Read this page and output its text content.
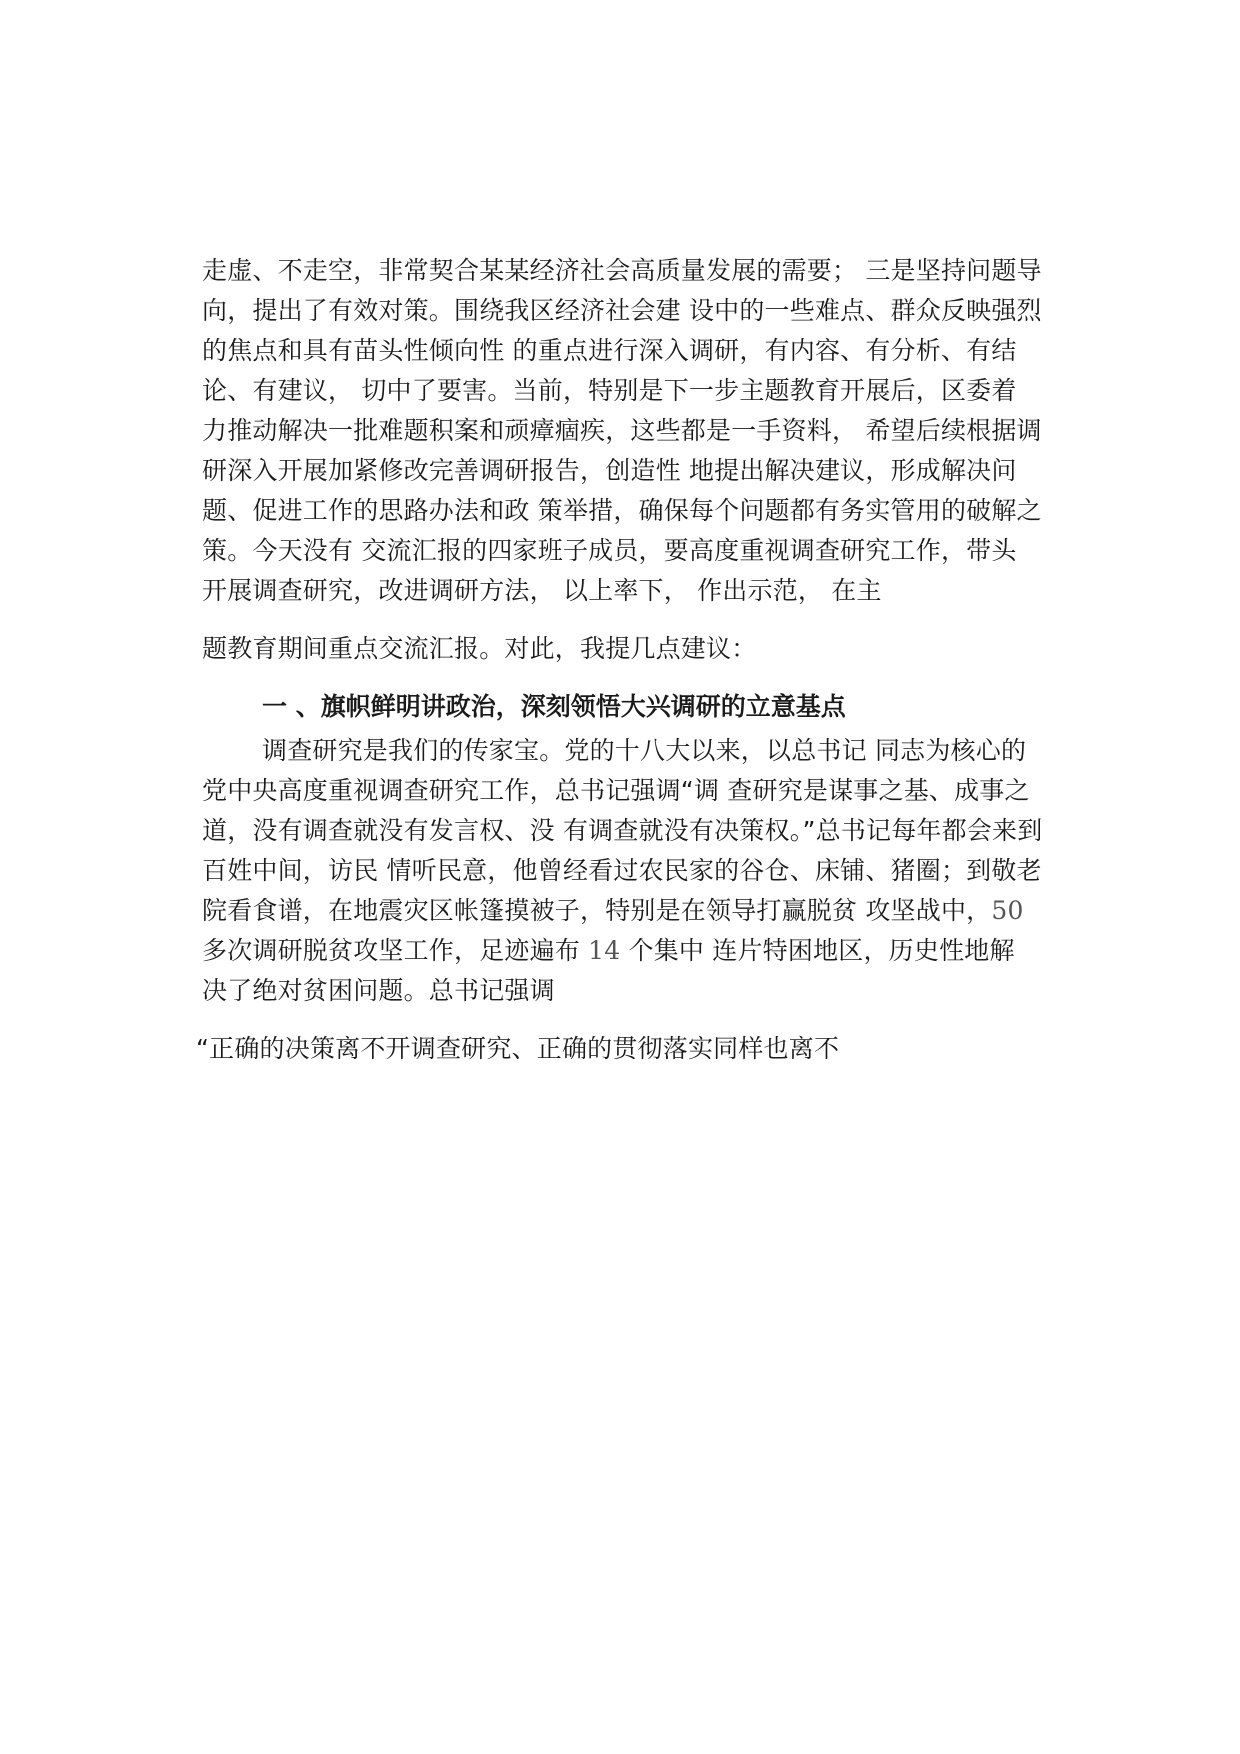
走虚、不走空，非常契合某某经济社会高质量发展的需要； 三是坚持问题导
向，提出了有效对策。围绕我区经济社会建 设中的一些难点、群众反映强烈
的焦点和具有苗头性倾向性 的重点进行深入调研，有内容、有分析、有结
论、有建议， 切中了要害。当前，特别是下一步主题教育开展后，区委着
力推动解决一批难题积案和顽瘴痼疾，这些都是一手资料， 希望后续根据调
研深入开展加紧修改完善调研报告，创造性 地提出解决建议，形成解决问
题、促进工作的思路办法和政 策举措，确保每个问题都有务实管用的破解之
策。今天没有 交流汇报的四家班子成员，要高度重视调查研究工作，带头
开展调查研究，改进调研方法， 以上率下， 作出示范， 在主
题教育期间重点交流汇报。对此，我提几点建议：
一 、旗帜鲜明讲政治，深刻领悟大兴调研的立意基点
调查研究是我们的传家宝。党的十八大以来，以总书记 同志为核心的
党中央高度重视调查研究工作，总书记强调“调 查研究是谋事之基、成事之
道，没有调查就没有发言权、没 有调查就没有决策权。”总书记每年都会来到
百姓中间，访民 情听民意，他曾经看过农民家的谷仓、床铺、猪圈；到敬老
院看食谱，在地震灾区帐篷摸被子，特别是在领导打赢脱贫 攻坚战中，50
多次调研脱贫攻坚工作，足迹遍布 14 个集中 连片特困地区，历史性地解
决了绝对贫困问题。总书记强调
“正确的决策离不开调查研究、正确的贯彻落实同样也离不
